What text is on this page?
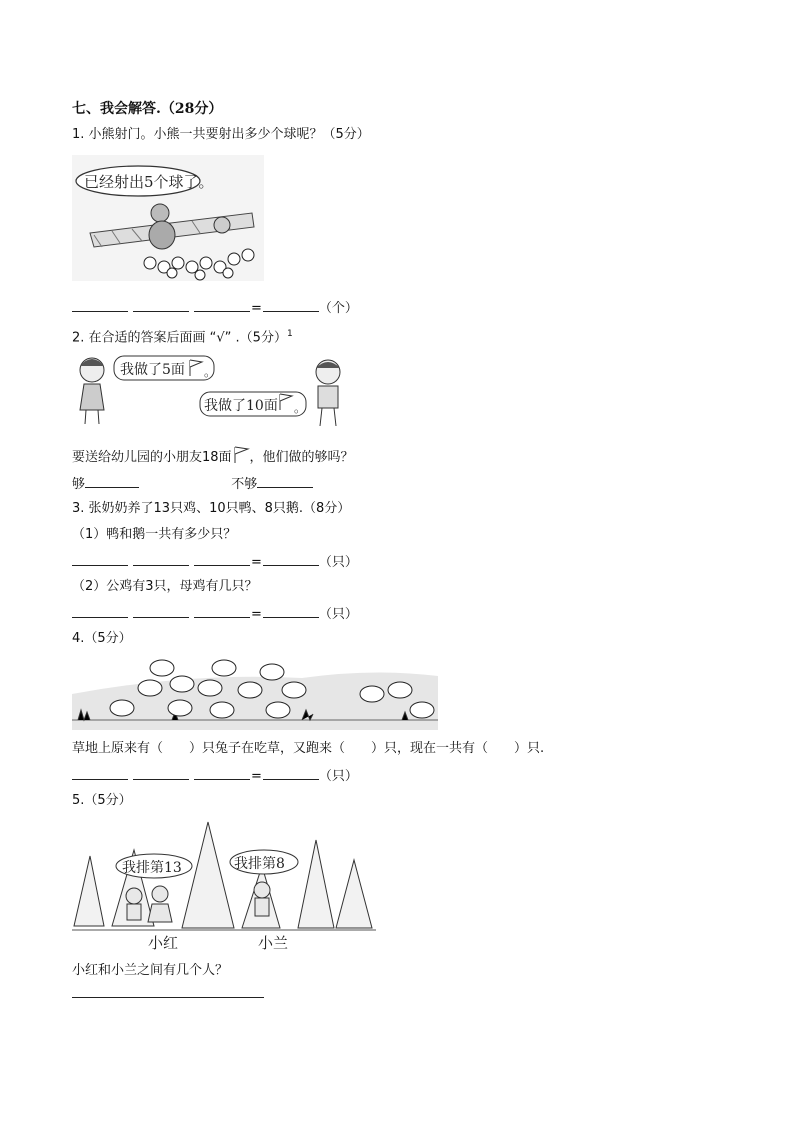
七、我会解答.（28分）
1. 小熊射门。小熊一共要射出多少个球呢？（5分）
已经射出5个球了。
=	（个）
2. 在合适的答案后面画 “√” .（5分）$^1$
我做了5面 。
我做了10面 。
要送给幼儿园的小朋友18面 ，他们做的够吗？
够	不够
3. 张奶奶养了13只鸡、10只鸭、8只鹅.（8分）
（1）鸭和鹅一共有多少只？
=	（只）
（2）公鸡有3只，母鸡有几只？
=	（只）
4.（5分）
草地上原来有（　　）只兔子在吃草，又跑来（　　）只，现在一共有（　　）只.
=	（只）
5.（5分）
我排第13	我排第8
小红	小兰
小红和小兰之间有几个人？
